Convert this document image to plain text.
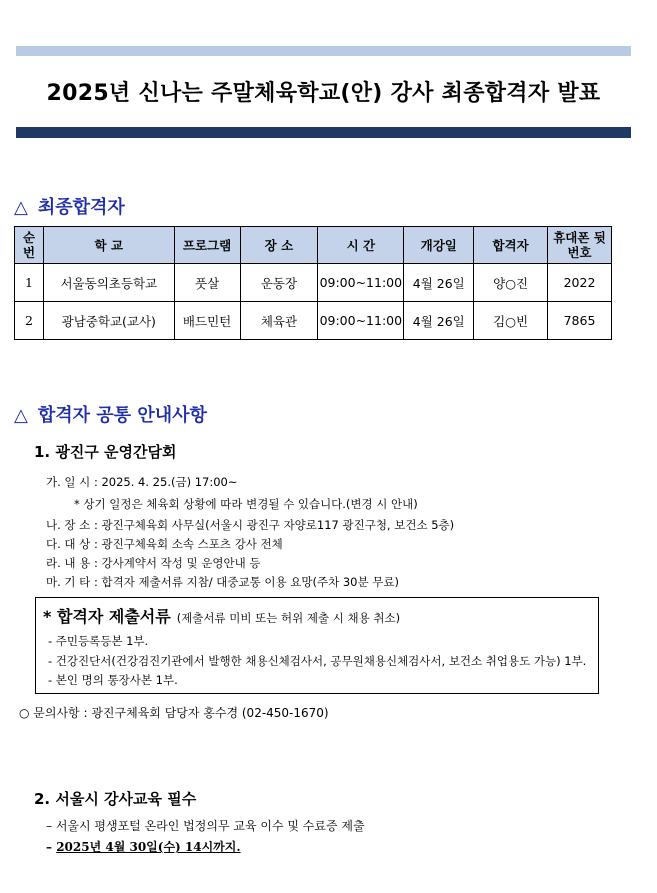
2025년 신나는 주말체육학교(안) 강사 최종합격자 발표
△ 최종합격자
순 번	학 교	프로그램	장 소	시 간	개강일	합격자	휴대폰 뒷번호
1	서울동의초등학교	풋살	운동장	09:00~11:00	4월 26일	양○진	2022
2	광남중학교(교사)	배드민턴	체육관	09:00~11:00	4월 26일	김○빈	7865
△ 합격자 공통 안내사항
1. 광진구 운영간담회
가. 일 시 : 2025. 4. 25.(금) 17:00~
* 상기 일정은 체육회 상황에 따라 변경될 수 있습니다.(변경 시 안내)
나. 장 소 : 광진구체육회 사무실(서울시 광진구 자양로117 광진구청, 보건소 5층)
다. 대 상 : 광진구체육회 소속 스포츠 강사 전체
라. 내 용 : 강사계약서 작성 및 운영안내 등
마. 기 타 : 합격자 제출서류 지참/ 대중교통 이용 요망(주차 30분 무료)
* 합격자 제출서류 (제출서류 미비 또는 허위 제출 시 채용 취소)
- 주민등록등본 1부.
- 건강진단서(건강검진기관에서 발행한 채용신체검사서, 공무원채용신체검사서, 보건소 취업용도 가능) 1부.
- 본인 명의 통장사본 1부.
○ 문의사항 : 광진구체육회 담당자 홍수경 (02-450-1670)
2. 서울시 강사교육 필수
– 서울시 평생포털 온라인 법정의무 교육 이수 및 수료증 제출
– 2025년 4월 30일(수) 14시까지.
